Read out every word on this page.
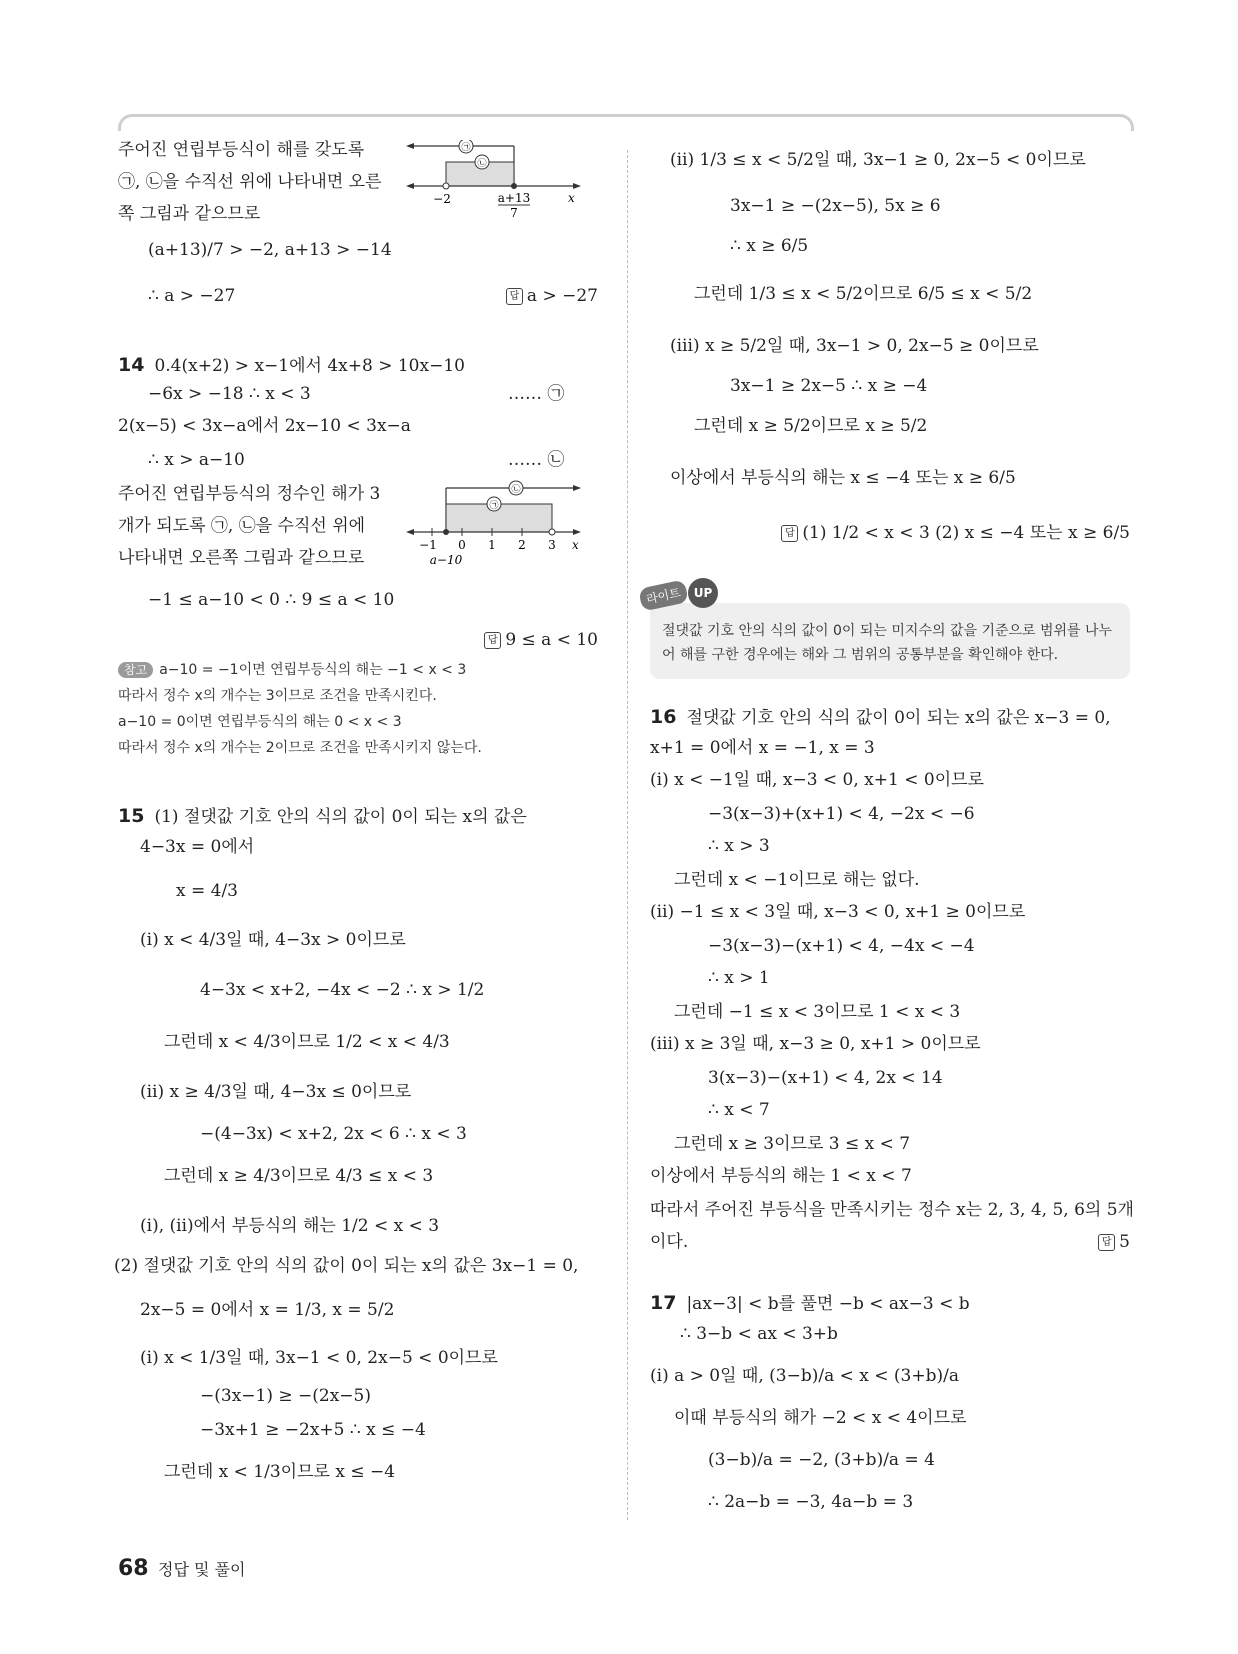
주어진 연립부등식이 해를 갖도록
㉠, ㉡을 수직선 위에 나타내면 오른
쪽 그림과 같으므로
㉠
㉡
−2	a+13
7
x
(a+13)/7 > −2, a+13 > −14
∴ a > −27	답 a > −27
14 0.4(x+2) > x−1에서 4x+8 > 10x−10
−6x > −18 ∴ x < 3	…… ㉠
2(x−5) < 3x−a에서 2x−10 < 3x−a
∴ x > a−10	…… ㉡
주어진 연립부등식의 정수인 해가 3
개가 되도록 ㉠, ㉡을 수직선 위에
나타내면 오른쪽 그림과 같으므로
㉡
㉠
−1 0 1 2 3 x
a−10
−1 ≤ a−10 < 0 ∴ 9 ≤ a < 10
답 9 ≤ a < 10
참고 a−10 = −1이면 연립부등식의 해는 −1 < x < 3
따라서 정수 x의 개수는 3이므로 조건을 만족시킨다.
a−10 = 0이면 연립부등식의 해는 0 < x < 3
따라서 정수 x의 개수는 2이므로 조건을 만족시키지 않는다.
15 (1) 절댓값 기호 안의 식의 값이 0이 되는 x의 값은
4−3x = 0에서
x = 4/3
(ⅰ) x < 4/3일 때, 4−3x > 0이므로
4−3x < x+2, −4x < −2 ∴ x > 1/2
그런데 x < 4/3이므로 1/2 < x < 4/3
(ⅱ) x ≥ 4/3일 때, 4−3x ≤ 0이므로
−(4−3x) < x+2, 2x < 6 ∴ x < 3
그런데 x ≥ 4/3이므로 4/3 ≤ x < 3
(ⅰ), (ⅱ)에서 부등식의 해는 1/2 < x < 3
(2) 절댓값 기호 안의 식의 값이 0이 되는 x의 값은 3x−1 = 0,
2x−5 = 0에서 x = 1/3, x = 5/2
(ⅰ) x < 1/3일 때, 3x−1 < 0, 2x−5 < 0이므로
−(3x−1) ≥ −(2x−5)
−3x+1 ≥ −2x+5 ∴ x ≤ −4
그런데 x < 1/3이므로 x ≤ −4
(ⅱ) 1/3 ≤ x < 5/2일 때, 3x−1 ≥ 0, 2x−5 < 0이므로
3x−1 ≥ −(2x−5), 5x ≥ 6
∴ x ≥ 6/5
그런데 1/3 ≤ x < 5/2이므로 6/5 ≤ x < 5/2
(ⅲ) x ≥ 5/2일 때, 3x−1 > 0, 2x−5 ≥ 0이므로
3x−1 ≥ 2x−5 ∴ x ≥ −4
그런데 x ≥ 5/2이므로 x ≥ 5/2
이상에서 부등식의 해는 x ≤ −4 또는 x ≥ 6/5
답 (1) 1/2 < x < 3 (2) x ≤ −4 또는 x ≥ 6/5
라이트 UP
절댓값 기호 안의 식의 값이 0이 되는 미지수의 값을 기준으로 범위를 나누어 해를 구한 경우에는 해와 그 범위의 공통부분을 확인해야 한다.
16 절댓값 기호 안의 식의 값이 0이 되는 x의 값은 x−3 = 0,
x+1 = 0에서 x = −1, x = 3
(ⅰ) x < −1일 때, x−3 < 0, x+1 < 0이므로
−3(x−3)+(x+1) < 4, −2x < −6
∴ x > 3
그런데 x < −1이므로 해는 없다.
(ⅱ) −1 ≤ x < 3일 때, x−3 < 0, x+1 ≥ 0이므로
−3(x−3)−(x+1) < 4, −4x < −4
∴ x > 1
그런데 −1 ≤ x < 3이므로 1 < x < 3
(ⅲ) x ≥ 3일 때, x−3 ≥ 0, x+1 > 0이므로
3(x−3)−(x+1) < 4, 2x < 14
∴ x < 7
그런데 x ≥ 3이므로 3 ≤ x < 7
이상에서 부등식의 해는 1 < x < 7
따라서 주어진 부등식을 만족시키는 정수 x는 2, 3, 4, 5, 6의 5개
이다.	답 5
17 |ax−3| < b를 풀면 −b < ax−3 < b
∴ 3−b < ax < 3+b
(ⅰ) a > 0일 때, (3−b)/a < x < (3+b)/a
이때 부등식의 해가 −2 < x < 4이므로
(3−b)/a = −2, (3+b)/a = 4
∴ 2a−b = −3, 4a−b = 3
68 정답 및 풀이
